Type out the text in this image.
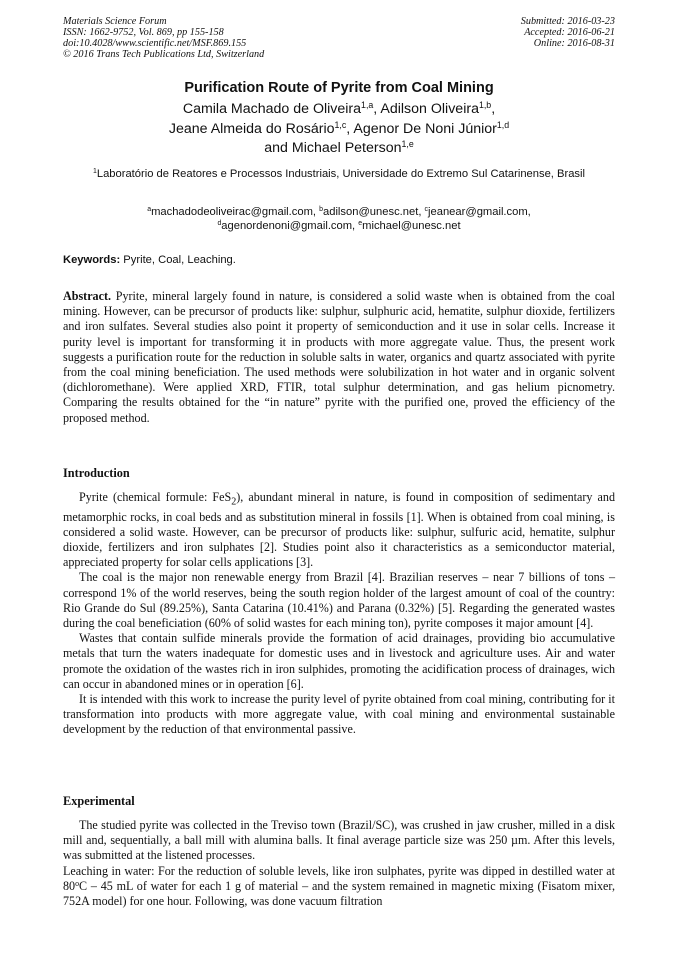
Materials Science Forum
ISSN: 1662-9752, Vol. 869, pp 155-158
doi:10.4028/www.scientific.net/MSF.869.155
© 2016 Trans Tech Publications Ltd, Switzerland
Submitted: 2016-03-23
Accepted: 2016-06-21
Online: 2016-08-31
Purification Route of Pyrite from Coal Mining
Camila Machado de Oliveira$^{1,a}$, Adilson Oliveira$^{1,b}$,
Jeane Almeida do Rosário$^{1,c}$, Agenor De Noni Júnior$^{1,d}$
and Michael Peterson$^{1,e}$
$^1$Laboratório de Reatores e Processos Industriais, Universidade do Extremo Sul Catarinense, Brasil
$^a$machadodeoliveirac@gmail.com, $^b$adilson@unesc.net, $^c$jeanear@gmail.com,
$^d$agenordenoni@gmail.com, $^e$michael@unesc.net
Keywords: Pyrite, Coal, Leaching.

Abstract. Pyrite, mineral largely found in nature, is considered a solid waste when is obtained from the coal mining. However, can be precursor of products like: sulphur, sulphuric acid, hematite, sulphur dioxide, fertilizers and iron sulfates. Several studies also point it property of semiconduction and it use in solar cells. Increase it purity level is important for transforming it in products with more aggregate value. Thus, the present work suggests a purification route for the reduction in soluble salts in water, organics and quartz associated with pyrite from the coal mining beneficiation. The used methods were solubilization in hot water and in organic solvent (dichloromethane). Were applied XRD, FTIR, total sulphur determination, and gas helium picnometry. Comparing the results obtained for the “in nature” pyrite with the purified one, proved the efficiency of the proposed method.

Introduction

Pyrite (chemical formule: FeS$_2$), abundant mineral in nature, is found in composition of sedimentary and metamorphic rocks, in coal beds and as substitution mineral in fossils [1]. When is obtained from coal mining, is considered a solid waste. However, can be precursor of products like: sulphur, sulfuric acid, hematite, sulphur dioxide, fertilizers and iron sulphates [2]. Studies point also it characteristics as a semiconductor material, appreciated property for solar cells applications [3].

The coal is the major non renewable energy from Brazil [4]. Brazilian reserves – near 7 billions of tons – correspond 1% of the world reserves, being the south region holder of the largest amount of coal of the country: Rio Grande do Sul (89.25%), Santa Catarina (10.41%) and Parana (0.32%) [5]. Regarding the generated wastes during the coal beneficiation (60% of solid wastes for each mining ton), pyrite composes it major amount [4].

Wastes that contain sulfide minerals provide the formation of acid drainages, providing bio accumulative metals that turn the waters inadequate for domestic uses and in livestock and agriculture uses. Air and water promote the oxidation of the wastes rich in iron sulphides, promoting the acidification process of drainages, wich can occur in abandoned mines or in operation [6].

It is intended with this work to increase the purity level of pyrite obtained from coal mining, contributing for it transformation into products with more aggregate value, with coal mining and environmental sustainable development by the reduction of that environmental passive.

Experimental

The studied pyrite was collected in the Treviso town (Brazil/SC), was crushed in jaw crusher, milled in a disk mill and, sequentially, a ball mill with alumina balls. It final average particle size was 250 µm. After this levels, was submitted at the listened processes.

Leaching in water: For the reduction of soluble levels, like iron sulphates, pyrite was dipped in destilled water at 80$^o$C – 45 mL of water for each 1 g of material – and the system remained in magnetic mixing (Fisatom mixer, 752A model) for one hour. Following, was done vacuum filtration
